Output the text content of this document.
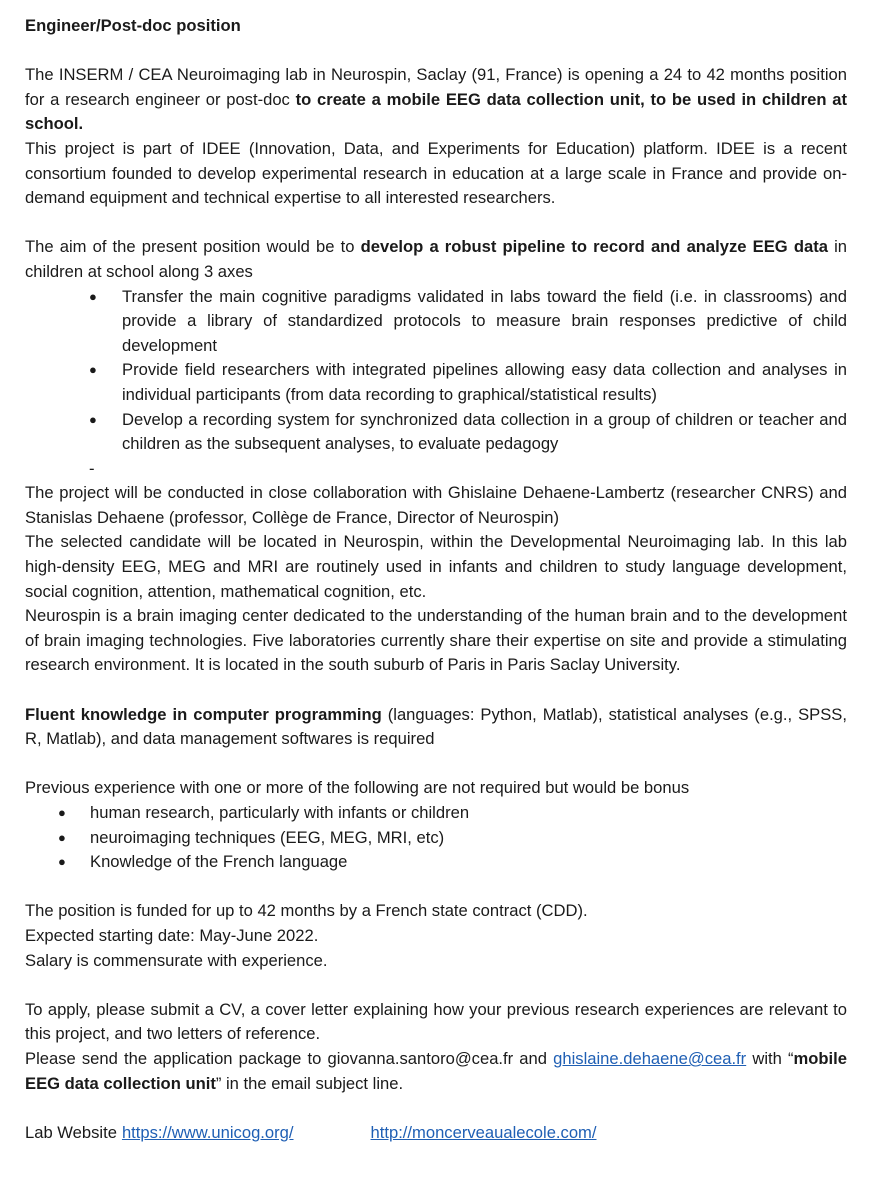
Engineer/Post-doc position

The INSERM / CEA Neuroimaging lab in Neurospin, Saclay (91, France) is opening a 24 to 42 months position for a research engineer or post-doc to create a mobile EEG data collection unit, to be used in children at school.

This project is part of IDEE (Innovation, Data, and Experiments for Education) platform. IDEE is a recent consortium founded to develop experimental research in education at a large scale in France and provide on-demand equipment and technical expertise to all interested researchers.

The aim of the present position would be to develop a robust pipeline to record and analyze EEG data in children at school along 3 axes

● Transfer the main cognitive paradigms validated in labs toward the field (i.e. in classrooms) and provide a library of standardized protocols to measure brain responses predictive of child development
● Provide field researchers with integrated pipelines allowing easy data collection and analyses in individual participants (from data recording to graphical/statistical results)
● Develop a recording system for synchronized data collection in a group of children or teacher and children as the subsequent analyses, to evaluate pedagogy
-

The project will be conducted in close collaboration with Ghislaine Dehaene-Lambertz (researcher CNRS) and Stanislas Dehaene (professor, Collège de France, Director of Neurospin)

The selected candidate will be located in Neurospin, within the Developmental Neuroimaging lab. In this lab high-density EEG, MEG and MRI are routinely used in infants and children to study language development, social cognition, attention, mathematical cognition, etc.

Neurospin is a brain imaging center dedicated to the understanding of the human brain and to the development of brain imaging technologies. Five laboratories currently share their expertise on site and provide a stimulating research environment. It is located in the south suburb of Paris in Paris Saclay University.

Fluent knowledge in computer programming (languages: Python, Matlab), statistical analyses (e.g., SPSS, R, Matlab), and data management softwares is required

Previous experience with one or more of the following are not required but would be bonus

● human research, particularly with infants or children
● neuroimaging techniques (EEG, MEG, MRI, etc)
● Knowledge of the French language

The position is funded for up to 42 months by a French state contract (CDD).

Expected starting date: May-June 2022.

Salary is commensurate with experience.

To apply, please submit a CV, a cover letter explaining how your previous research experiences are relevant to this project, and two letters of reference.

Please send the application package to giovanna.santoro@cea.fr and ghislaine.dehaene@cea.fr with “mobile EEG data collection unit” in the email subject line.

Lab Website https://www.unicog.org/	http://moncerveaualecole.com/
